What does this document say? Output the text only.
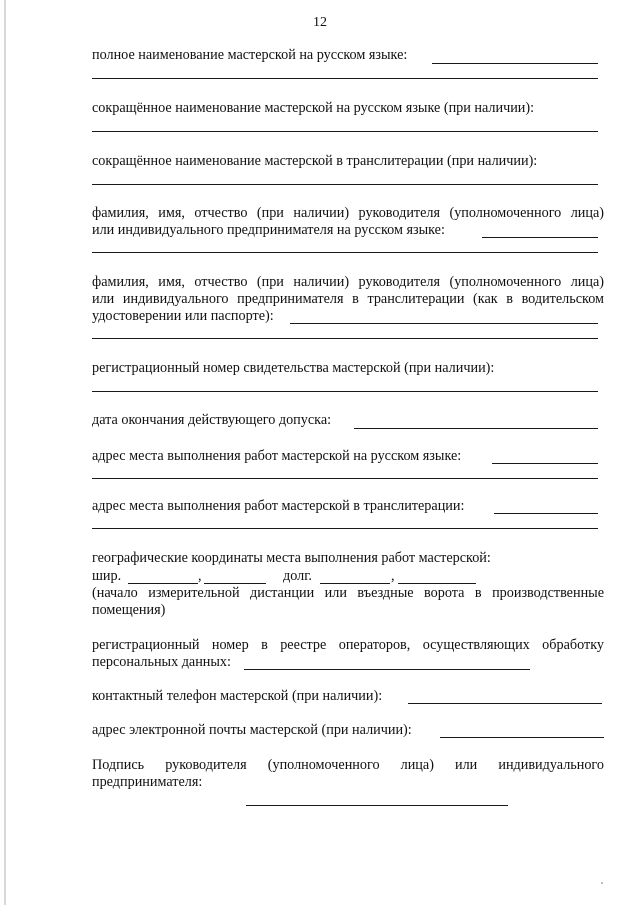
12
полное наименование мастерской на русском языке:
сокращённое наименование мастерской на русском языке (при наличии):
сокращённое наименование мастерской в транслитерации (при наличии):
фамилия, имя, отчество (при наличии) руководителя (уполномоченного лица)
или индивидуального предпринимателя на русском языке:
фамилия, имя, отчество (при наличии) руководителя (уполномоченного лица)
или индивидуального предпринимателя в транслитерации (как в водительском
удостоверении или паспорте):
регистрационный номер свидетельства мастерской (при наличии):
дата окончания действующего допуска:
адрес места выполнения работ мастерской на русском языке:
адрес места выполнения работ мастерской в транслитерации:
географические координаты места выполнения работ мастерской:
шир.	,	долг.	,
(начало измерительной дистанции или въездные ворота в производственные
помещения)
регистрационный номер в реестре операторов, осуществляющих обработку
персональных данных:
контактный телефон мастерской (при наличии):
адрес электронной почты мастерской (при наличии):
Подпись руководителя (уполномоченного лица) или индивидуального
предпринимателя:
